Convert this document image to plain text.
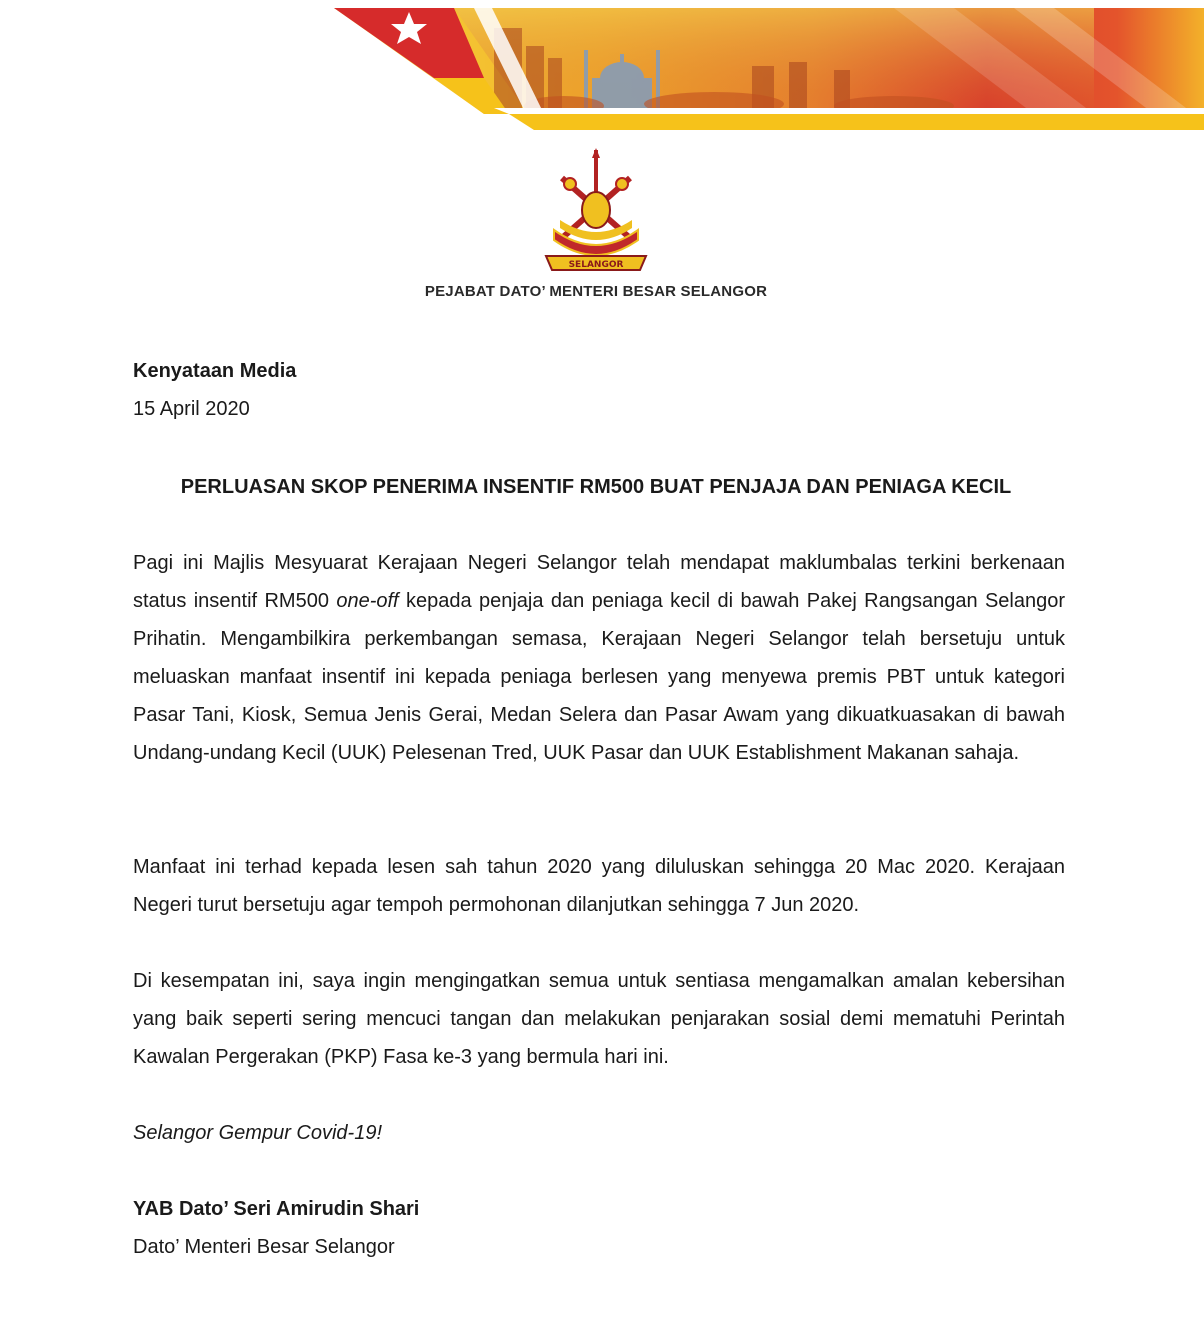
SELANGOR
PEJABAT DATO’ MENTERI BESAR SELANGOR
Kenyataan Media
15 April 2020
PERLUASAN SKOP PENERIMA INSENTIF RM500 BUAT PENJAJA DAN PENIAGA KECIL
Pagi ini Majlis Mesyuarat Kerajaan Negeri Selangor telah mendapat maklumbalas terkini berkenaan status insentif RM500 one-off kepada penjaja dan peniaga kecil di bawah Pakej Rangsangan Selangor Prihatin. Mengambilkira perkembangan semasa, Kerajaan Negeri Selangor telah bersetuju untuk meluaskan manfaat insentif ini kepada peniaga berlesen yang menyewa premis PBT untuk kategori Pasar Tani, Kiosk, Semua Jenis Gerai, Medan Selera dan Pasar Awam yang dikuatkuasakan di bawah Undang-undang Kecil (UUK) Pelesenan Tred, UUK Pasar dan UUK Establishment Makanan sahaja.
Manfaat ini terhad kepada lesen sah tahun 2020 yang diluluskan sehingga 20 Mac 2020. Kerajaan Negeri turut bersetuju agar tempoh permohonan dilanjutkan sehingga 7 Jun 2020.
Di kesempatan ini, saya ingin mengingatkan semua untuk sentiasa mengamalkan amalan kebersihan yang baik seperti sering mencuci tangan dan melakukan penjarakan sosial demi mematuhi Perintah Kawalan Pergerakan (PKP) Fasa ke-3 yang bermula hari ini.
Selangor Gempur Covid-19!
YAB Dato’ Seri Amirudin Shari
Dato’ Menteri Besar Selangor
